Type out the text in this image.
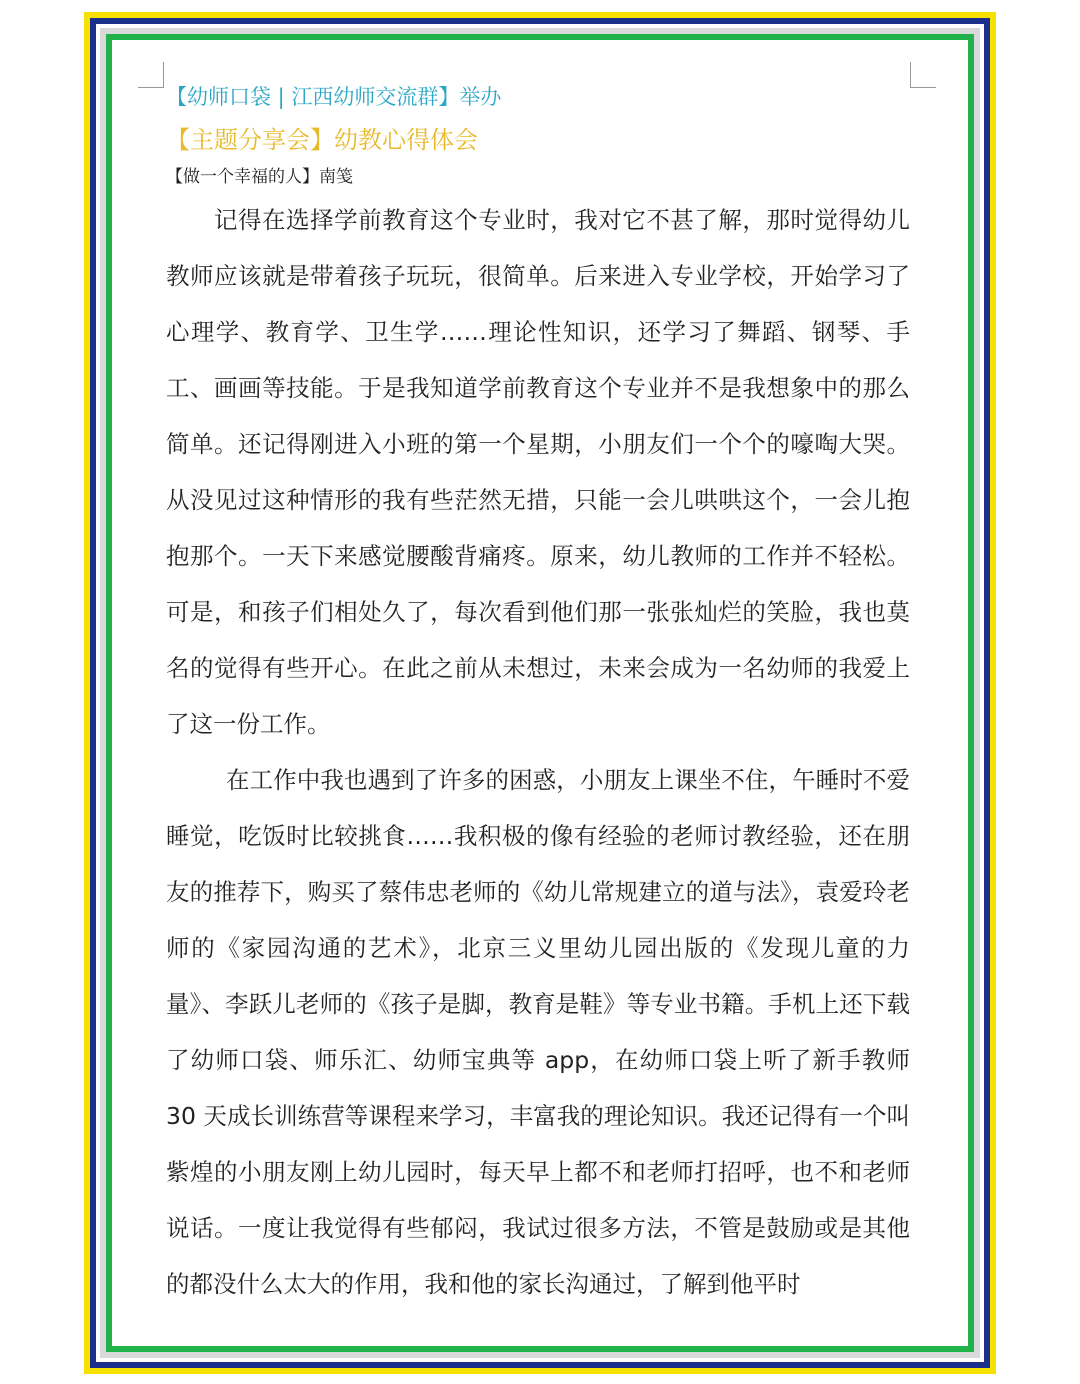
【幼师口袋 | 江西幼师交流群】举办
【主题分享会】幼教心得体会
【做一个幸福的人】南笺

记得在选择学前教育这个专业时，我对它不甚了解，那时觉得幼儿教师应该就是带着孩子玩玩，很简单。后来进入专业学校，开始学习了心理学、教育学、卫生学……理论性知识，还学习了舞蹈、钢琴、手工、画画等技能。于是我知道学前教育这个专业并不是我想象中的那么简单。还记得刚进入小班的第一个星期，小朋友们一个个的嚎啕大哭。从没见过这种情形的我有些茫然无措，只能一会儿哄哄这个，一会儿抱抱那个。一天下来感觉腰酸背痛疼。原来，幼儿教师的工作并不轻松。可是，和孩子们相处久了，每次看到他们那一张张灿烂的笑脸，我也莫名的觉得有些开心。在此之前从未想过，未来会成为一名幼师的我爱上了这一份工作。

在工作中我也遇到了许多的困惑，小朋友上课坐不住，午睡时不爱睡觉，吃饭时比较挑食……我积极的像有经验的老师讨教经验，还在朋友的推荐下，购买了蔡伟忠老师的《幼儿常规建立的道与法》，袁爱玲老师的《家园沟通的艺术》，北京三义里幼儿园出版的《发现儿童的力量》、李跃儿老师的《孩子是脚，教育是鞋》等专业书籍。手机上还下载了幼师口袋、师乐汇、幼师宝典等 app，在幼师口袋上听了新手教师 30 天成长训练营等课程来学习，丰富我的理论知识。我还记得有一个叫紫煌的小朋友刚上幼儿园时，每天早上都不和老师打招呼，也不和老师说话。一度让我觉得有些郁闷，我试过很多方法，不管是鼓励或是其他的都没什么太大的作用，我和他的家长沟通过，了解到他平时
